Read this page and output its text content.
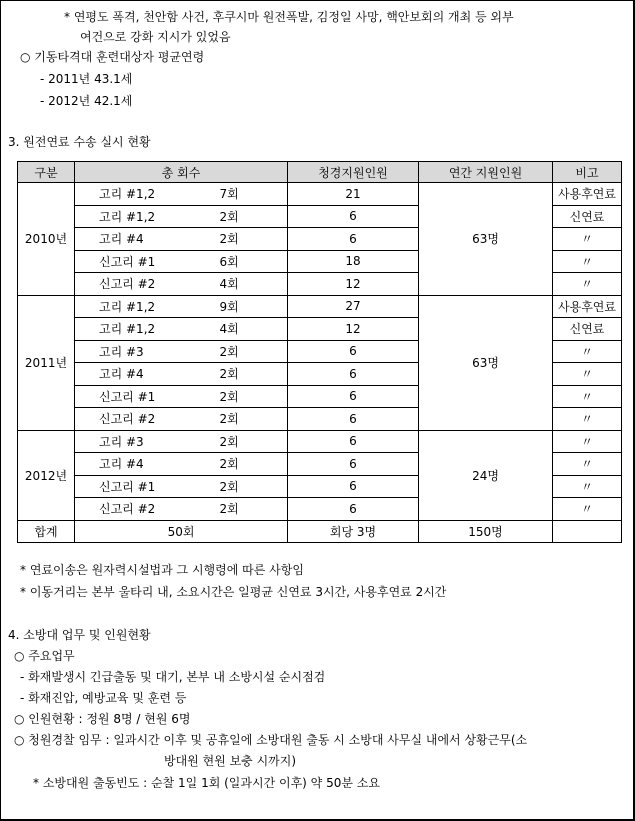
* 연평도 폭격, 천안함 사건, 후쿠시마 원전폭발, 김정일 사망, 핵안보회의 개최 등 외부
여건으로 강화 지시가 있었음
○ 기동타격대 훈련대상자 평균연령
- 2011년 43.1세
- 2012년 42.1세
3. 원전연료 수송 실시 현황
구분	총 회수		청경지원인원	연간 지원인원	비고
2010년	고리 #1,2	7회	21	63명	사용후연료
	고리 #1,2	2회	6		신연료
	고리 #4	2회	6		〃
	신고리 #1	6회	18		〃
	신고리 #2	4회	12		〃
2011년	고리 #1,2	9회	27	63명	사용후연료
	고리 #1,2	4회	12		신연료
	고리 #3	2회	6		〃
	고리 #4	2회	6		〃
	신고리 #1	2회	6		〃
	신고리 #2	2회	6		〃
2012년	고리 #3	2회	6	24명	〃
	고리 #4	2회	6		〃
	신고리 #1	2회	6		〃
	신고리 #2	2회	6		〃
합계	50회		회당 3명	150명	
* 연료이송은 원자력시설법과 그 시행령에 따른 사항임
* 이동거리는 본부 울타리 내, 소요시간은 일평균 신연료 3시간, 사용후연료 2시간
4. 소방대 업무 및 인원현황
○ 주요업무
- 화재발생시 긴급출동 및 대기, 본부 내 소방시설 순시점검
- 화재진압, 예방교육 및 훈련 등
○ 인원현황 : 정원 8명 / 현원 6명
○ 청원경찰 임무 : 일과시간 이후 및 공휴일에 소방대원 출동 시 소방대 사무실 내에서 상황근무(소
방대원 현원 보충 시까지)
* 소방대원 출동빈도 : 순찰 1일 1회 (일과시간 이후) 약 50분 소요
